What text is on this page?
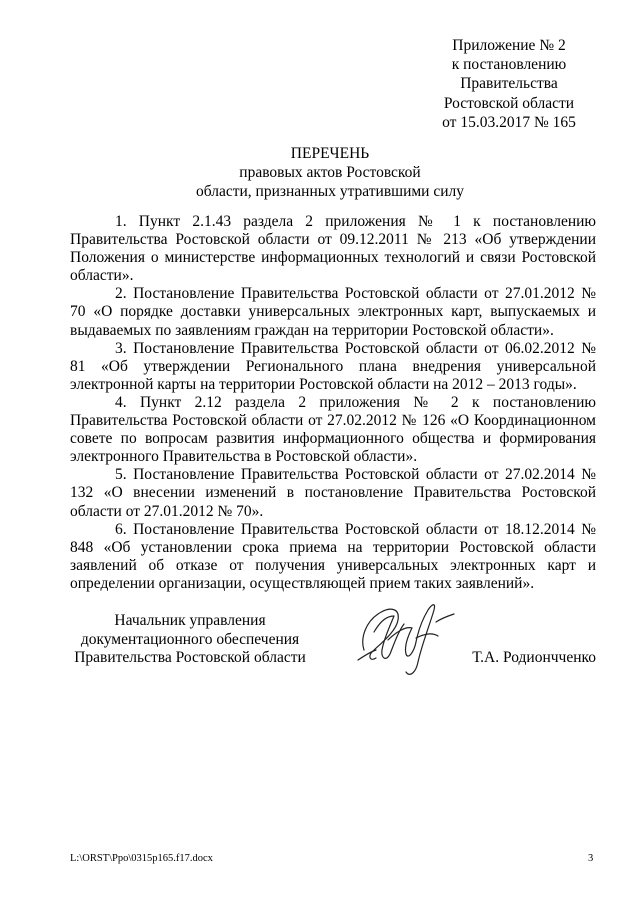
Приложение № 2
к постановлению
Правительства
Ростовской области
от 15.03.2017 № 165
ПЕРЕЧЕНЬ
правовых актов Ростовской
области, признанных утратившими силу
1. Пункт 2.1.43 раздела 2 приложения № 1 к постановлению Правительства Ростовской области от 09.12.2011 № 213 «Об утверждении Положения о министерстве информационных технологий и связи Ростовской области».
2. Постановление Правительства Ростовской области от 27.01.2012 № 70 «О порядке доставки универсальных электронных карт, выпускаемых и выдаваемых по заявлениям граждан на территории Ростовской области».
3. Постановление Правительства Ростовской области от 06.02.2012 № 81 «Об утверждении Регионального плана внедрения универсальной электронной карты на территории Ростовской области на 2012 – 2013 годы».
4. Пункт 2.12 раздела 2 приложения № 2 к постановлению Правительства Ростовской области от 27.02.2012 № 126 «О Координационном совете по вопросам развития информационного общества и формирования электронного Правительства в Ростовской области».
5. Постановление Правительства Ростовской области от 27.02.2014 № 132 «О внесении изменений в постановление Правительства Ростовской области от 27.01.2012 № 70».
6. Постановление Правительства Ростовской области от 18.12.2014 № 848 «Об установлении срока приема на территории Ростовской области заявлений об отказе от получения универсальных электронных карт и определении организации, осуществляющей прием таких заявлений».
Начальник управления
документационного обеспечения
Правительства Ростовской области	Т.А. Родиончченко
L:\ORST\Ppo\0315p165.f17.docx	3
